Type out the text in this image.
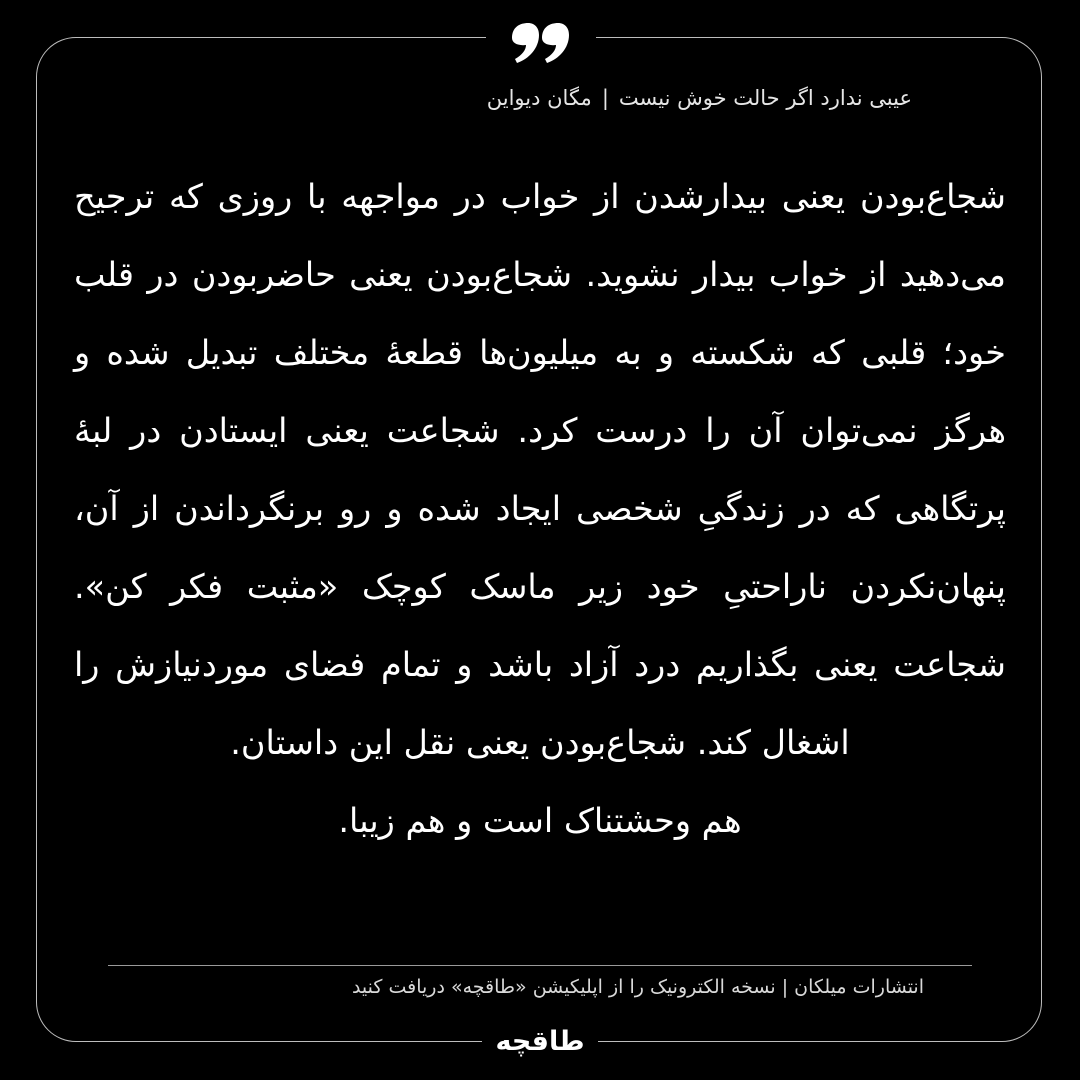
عیبی ندارد اگر حالت خوش نیست|مگان دیواین

شجاع‌بودن یعنی بیدارشدن از خواب در مواجهه با روزی که ترجیح می‌دهید از خواب بیدار نشوید. شجاع‌بودن یعنی حاضربودن در قلب خود؛ قلبی که شکسته و به میلیون‌ها قطعهٔ مختلف تبدیل شده و هرگز نمی‌توان آن را درست کرد. شجاعت یعنی ایستادن در لبهٔ پرتگاهی که در زندگیِ شخصی ایجاد شده و رو برنگرداندن از آن، پنهان‌نکردن ناراحتیِ خود زیر ماسک کوچک «مثبت فکر کن». شجاعت یعنی بگذاریم درد آزاد باشد و تمام فضای موردنیازش را اشغال کند. شجاع‌بودن یعنی نقل این داستان.

هم وحشتناک است و هم زیبا.

انتشارات میلکان | نسخه الکترونیک را از اپلیکیشن «طاقچه» دریافت کنید
طاقچه
